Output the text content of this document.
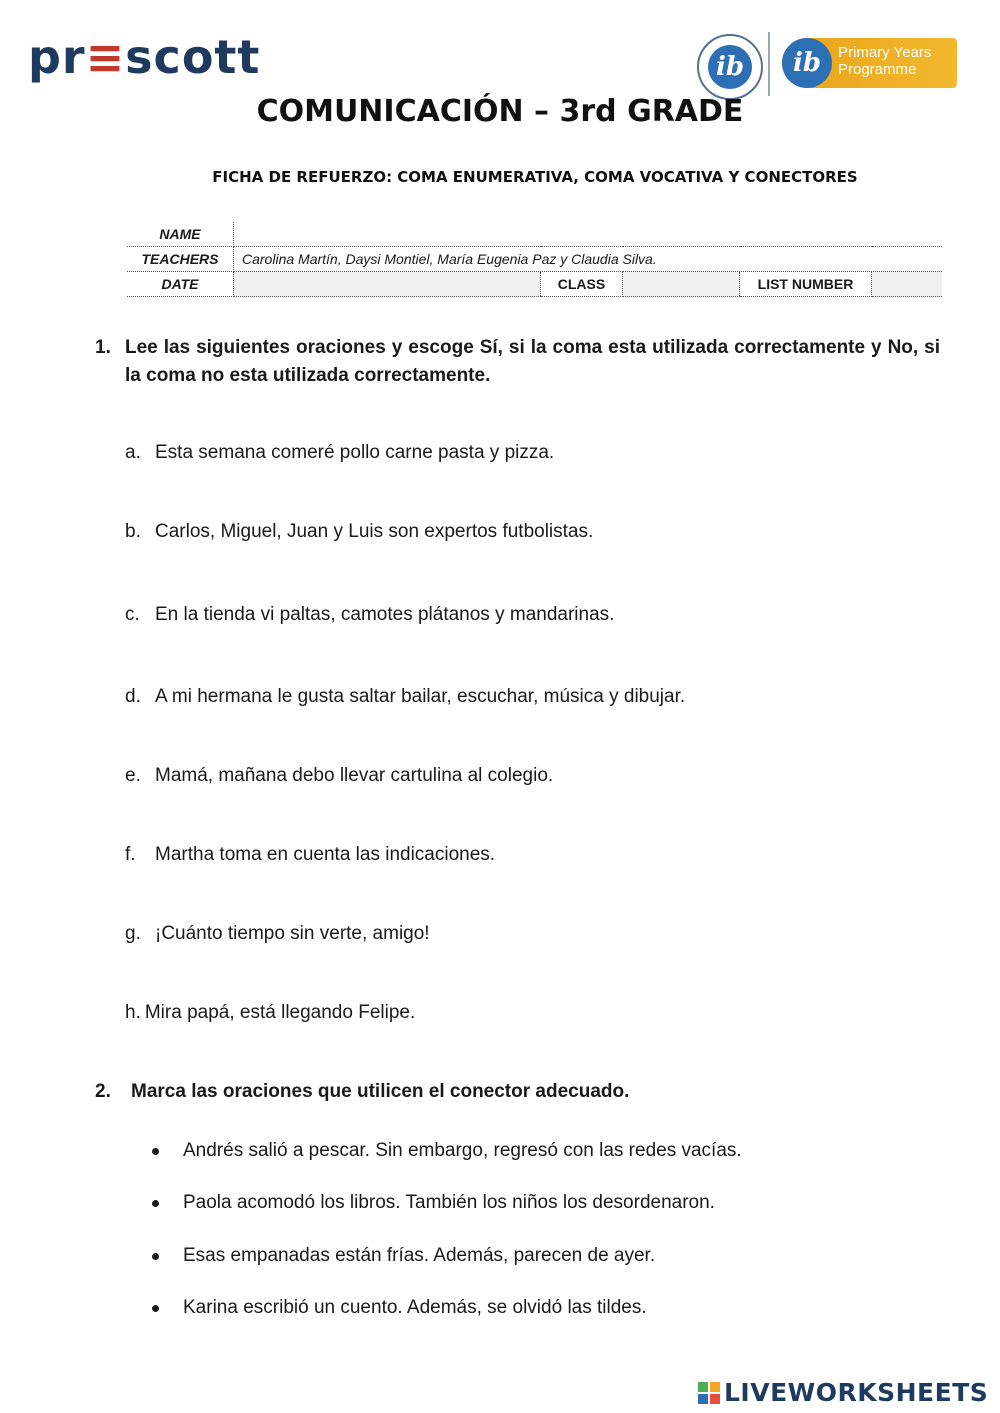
pr≡scott	ib	ib	Primary Years
Programme
COMUNICACIÓN – 3rd GRADE
FICHA DE REFUERZO: COMA ENUMERATIVA, COMA VOCATIVA Y CONECTORES
NAME					
TEACHERS	Carolina Martín, Daysi Montiel, María Eugenia Paz y Claudia Silva.				
DATE		CLASS		LIST NUMBER	
1. Lee las siguientes oraciones y escoge Sí, si la coma esta utilizada correctamente y No, si la coma no esta utilizada correctamente.
a. Esta semana comeré pollo carne pasta y pizza.
b. Carlos, Miguel, Juan y Luis son expertos futbolistas.
c. En la tienda vi paltas, camotes plátanos y mandarinas.
d. A mi hermana le gusta saltar bailar, escuchar, música y dibujar.
e. Mamá, mañana debo llevar cartulina al colegio.
f.	Martha toma en cuenta las indicaciones.
g. ¡Cuánto tiempo sin verte, amigo!
h. Mira papá, está llegando Felipe.
2.	Marca las oraciones que utilicen el conector adecuado.
Andrés salió a pescar. Sin embargo, regresó con las redes vacías.
Paola acomodó los libros. También los niños los desordenaron.
Esas empanadas están frías. Además, parecen de ayer.
Karina escribió un cuento. Además, se olvidó las tildes.
LIVEWORKSHEETS
